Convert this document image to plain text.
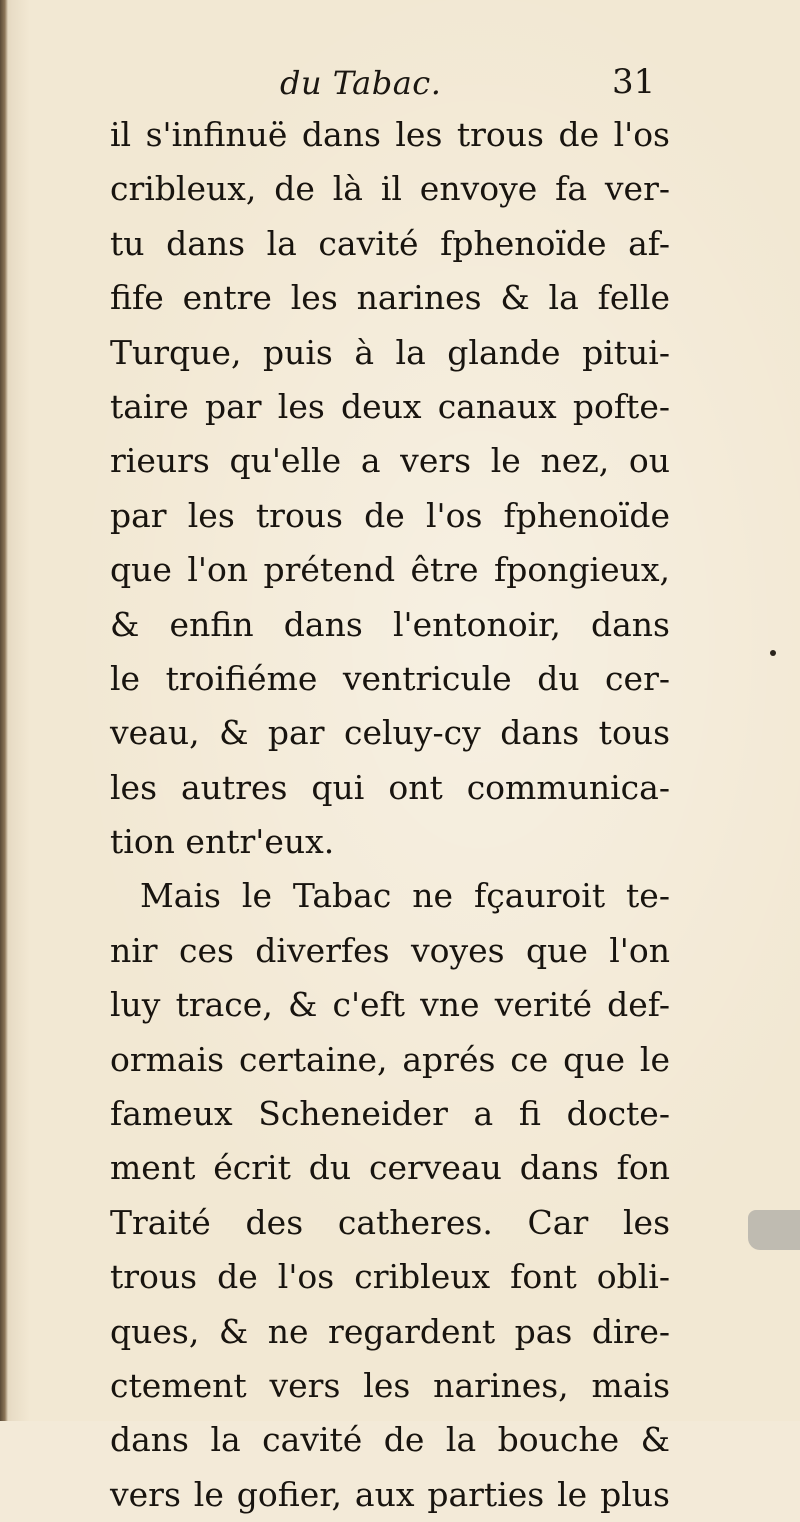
du Tabac.	31
il s'infinuë dans les trous de l'os
cribleux, de là il envoye fa ver-
tu dans la cavité fphenoïde af-
fife entre les narines & la felle
Turque, puis à la glande pitui-
taire par les deux canaux pofte-
rieurs qu'elle a vers le nez, ou
par les trous de l'os fphenoïde
que l'on prétend être fpongieux,
& enfin dans l'entonoir, dans
le troifiéme ventricule du cer-
veau, & par celuy-cy dans tous
les autres qui ont communica-
tion entr'eux.
Mais le Tabac ne fçauroit te-
nir ces diverfes voyes que l'on
luy trace, & c'eft vne verité def-
ormais certaine, aprés ce que le
fameux Scheneider a fi docte-
ment écrit du cerveau dans fon
Traité des catheres. Car les
trous de l'os cribleux font obli-
ques, & ne regardent pas dire-
ctement vers les narines, mais
dans la cavité de la bouche &
vers le gofier, aux parties le plus
